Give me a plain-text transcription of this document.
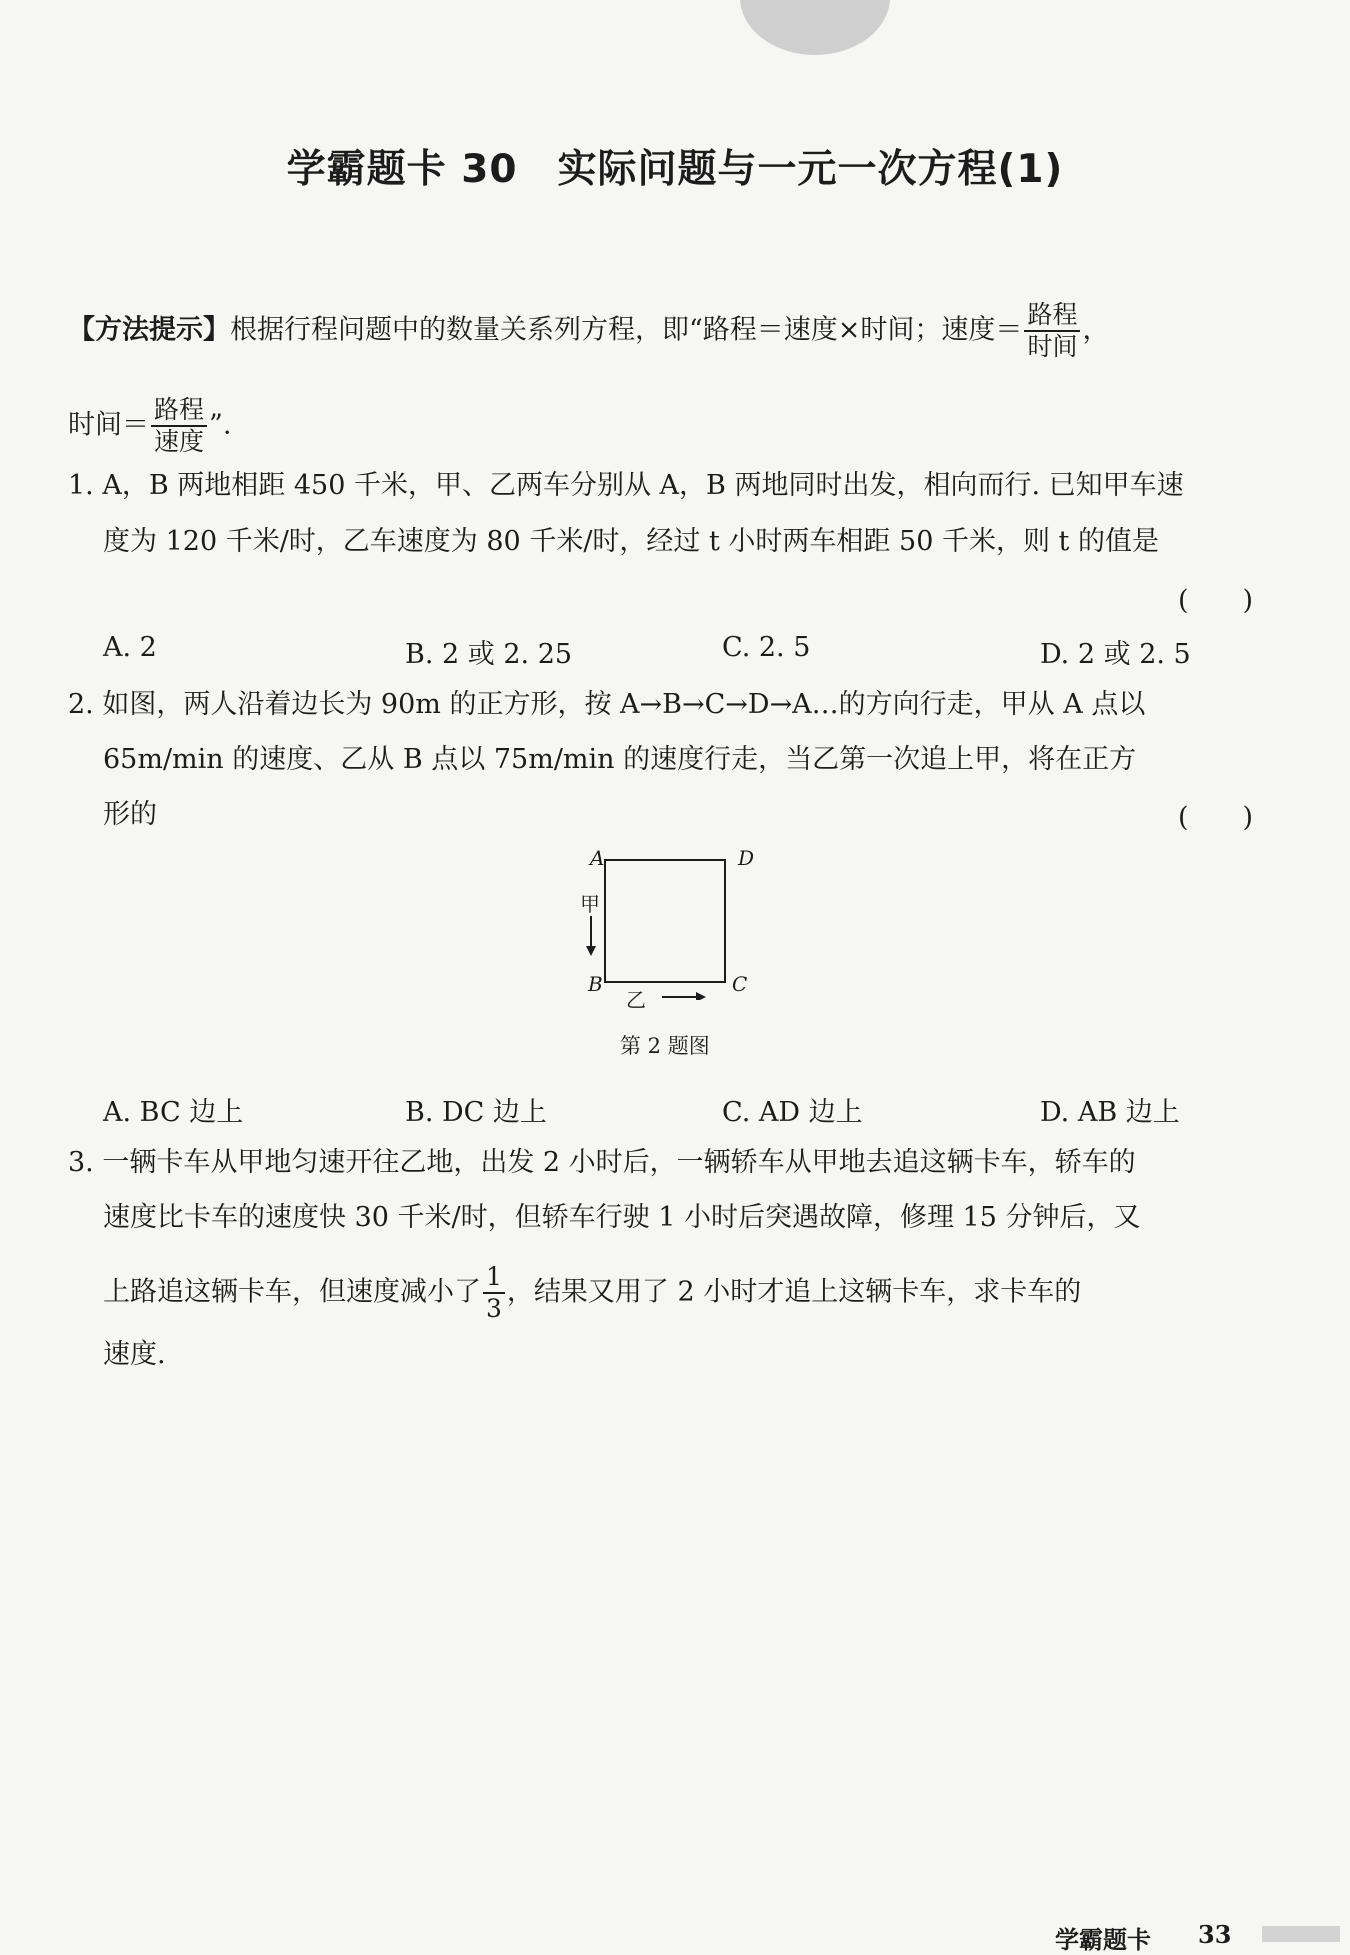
学霸题卡 30　实际问题与一元一次方程(1)
【方法提示】根据行程问题中的数量关系列方程，即“路程＝速度×时间；速度＝ $\frac{\text{路程}}{\text{时间}}$ ，
时间＝ $\frac{\text{路程}}{\text{速度}}$ ”.
1. A，B 两地相距 450 千米，甲、乙两车分别从 A，B 两地同时出发，相向而行. 已知甲车速
度为 120 千米/时，乙车速度为 80 千米/时，经过 t 小时两车相距 50 千米，则 t 的值是
(　　)
A. 2	B. 2 或 2. 25	C. 2. 5	D. 2 或 2. 5
2. 如图，两人沿着边长为 90m 的正方形，按 A→B→C→D→A…的方向行走，甲从 A 点以
65m/min 的速度、乙从 B 点以 75m/min 的速度行走，当乙第一次追上甲，将在正方
形的	(　　)
A	D
B	C
甲
乙
第 2 题图
A. BC 边上	B. DC 边上	C. AD 边上	D. AB 边上
3. 一辆卡车从甲地匀速开往乙地，出发 2 小时后，一辆轿车从甲地去追这辆卡车，轿车的
速度比卡车的速度快 30 千米/时，但轿车行驶 1 小时后突遇故障，修理 15 分钟后，又
上路追这辆卡车，但速度减小了 $\frac{1}{3}$ ，结果又用了 2 小时才追上这辆卡车，求卡车的
速度.
学霸题卡 33
